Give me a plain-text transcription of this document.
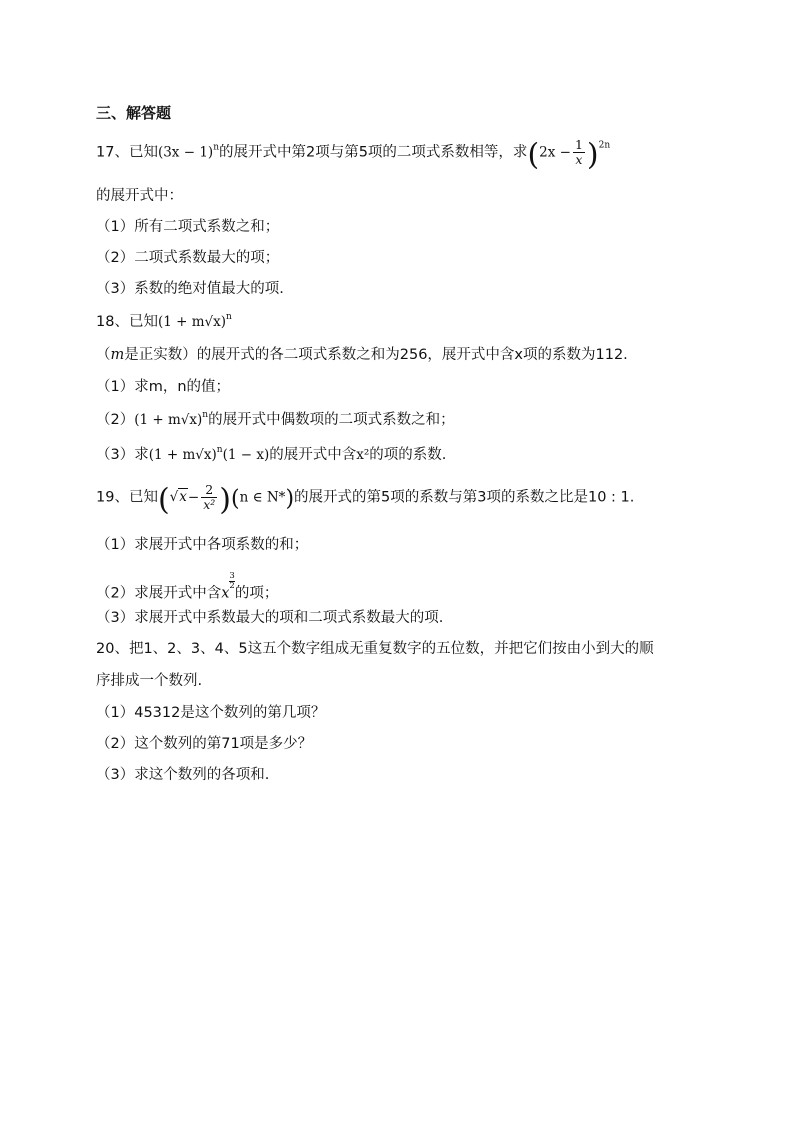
三、解答题
17、已知$(3x - 1)^n$的展开式中第2项与第5项的二项式系数相等，求$(2x - \frac{1}{x} )^{2n}$
的展开式中：
（1）所有二项式系数之和；
（2）二项式系数最大的项；
（3）系数的绝对值最大的项.
18、已知$(1 + m√x)^n$
（m是正实数）的展开式的各二项式系数之和为256，展开式中含x项的系数为112.
（1）求m，n的值；
$(2)(1 + m√x)^n$的展开式中偶数项的二项式系数之和；
（3）求$(1 + m√x)^n(1 - x)$的展开式中含x²的项的系数.
19、已知$(√x- \frac{2}{\text{x²}} )(n$ ∈ N*)的展开式的第5项的系数与第3项的系数之比是10 : 1.
（1）求展开式中各项系数的和；
（2）求展开式中含x
$\frac{3}{2}$
的项；
（3）求展开式中系数最大的项和二项式系数最大的项.
20、把1、2、3、4、5这五个数字组成无重复数字的五位数，并把它们按由小到大的顺
序排成一个数列.
（1）45312是这个数列的第几项？
（2）这个数列的第71项是多少？
（3）求这个数列的各项和.
